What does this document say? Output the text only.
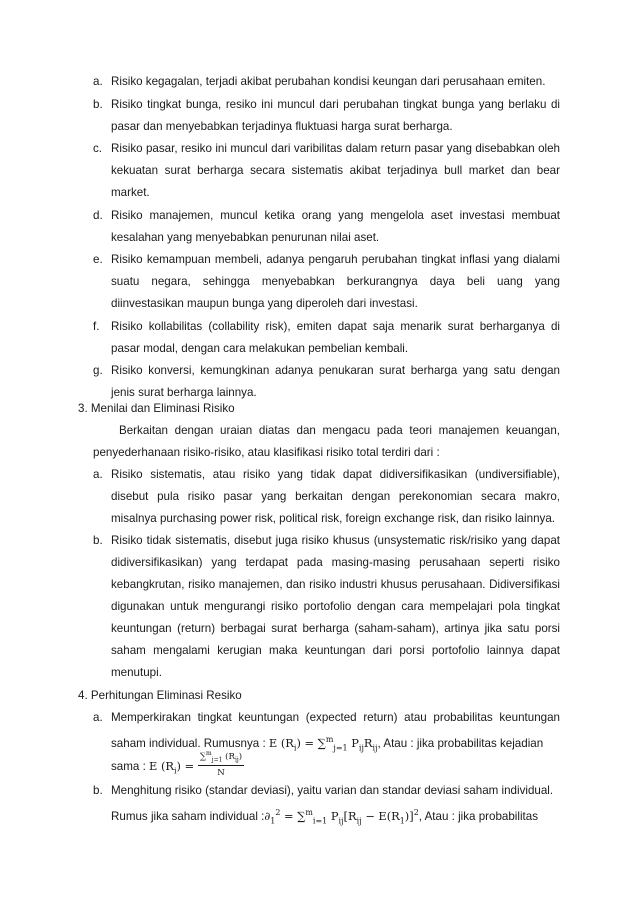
a. Risiko kegagalan, terjadi akibat perubahan kondisi keungan dari perusahaan emiten.
b. Risiko tingkat bunga, resiko ini muncul dari perubahan tingkat bunga yang berlaku di
pasar dan menyebabkan terjadinya fluktuasi harga surat berharga.
c. Risiko pasar, resiko ini muncul dari varibilitas dalam return pasar yang disebabkan oleh
kekuatan surat berharga secara sistematis akibat terjadinya bull market dan bear
market.
d. Risiko manajemen, muncul ketika orang yang mengelola aset investasi membuat
kesalahan yang menyebabkan penurunan nilai aset.
e. Risiko kemampuan membeli, adanya pengaruh perubahan tingkat inflasi yang dialami
suatu negara, sehingga menyebabkan berkurangnya daya beli uang yang
diinvestasikan maupun bunga yang diperoleh dari investasi.
f. Risiko kollabilitas (collability risk), emiten dapat saja menarik surat berharganya di
pasar modal, dengan cara melakukan pembelian kembali.
g. Risiko konversi, kemungkinan adanya penukaran surat berharga yang satu dengan
jenis surat berharga lainnya.
3. Menilai dan Eliminasi Risiko
Berkaitan dengan uraian diatas dan mengacu pada teori manajemen keuangan,
penyederhanaan risiko-risiko, atau klasifikasi risiko total terdiri dari :
a. Risiko sistematis, atau risiko yang tidak dapat didiversifikasikan (undiversifiable),
disebut pula risiko pasar yang berkaitan dengan perekonomian secara makro,
misalnya purchasing power risk, political risk, foreign exchange risk, dan risiko lainnya.
b. Risiko tidak sistematis, disebut juga risiko khusus (unsystematic risk/risiko yang dapat
didiversifikasikan) yang terdapat pada masing-masing perusahaan seperti risiko
kebangkrutan, risiko manajemen, dan risiko industri khusus perusahaan. Didiversifikasi
digunakan untuk mengurangi risiko portofolio dengan cara mempelajari pola tingkat
keuntungan (return) berbagai surat berharga (saham-saham), artinya jika satu porsi
saham mengalami kerugian maka keuntungan dari porsi portofolio lainnya dapat
menutupi.
4. Perhitungan Eliminasi Resiko
a. Memperkirakan tingkat keuntungan (expected return) atau probabilitas keuntungan
saham individual. Rumusnya : E $(R_i) = \sum^m_{j=1}$ $P_{ij}R_{ij}$, Atau : jika probabilitas kejadian
sama : E $(R_i)$ =
∑$^m_{j=1}$ $(R_{ij})$
N
b. Menghitung risiko (standar deviasi), yaitu varian dan standar deviasi saham individual.
Rumus jika saham individual $:\partial_1^2 = \sum^m_{i=1}$ $P_{ij}[R_{ij} - E(R_1)]^2$, Atau : jika probabilitas
